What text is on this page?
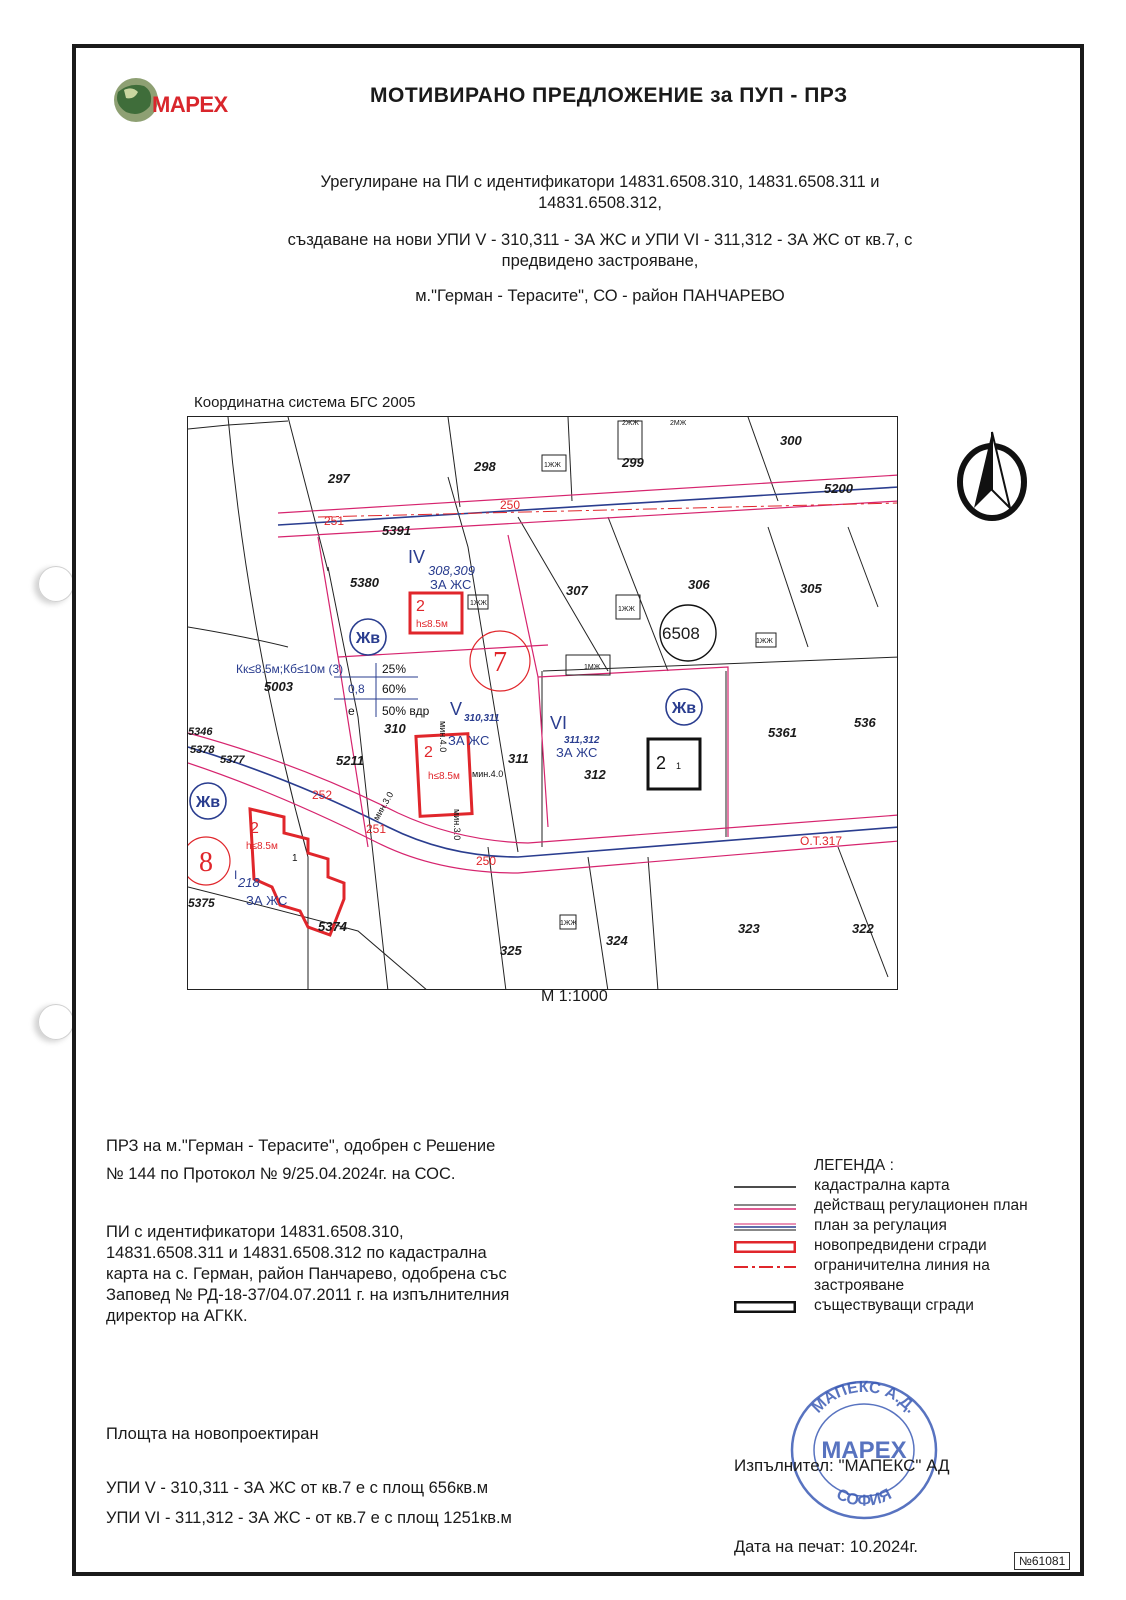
MAPEX	МОТИВИРАНО ПРЕДЛОЖЕНИЕ за ПУП - ПРЗ
Урегулиране на ПИ с идентификатори 14831.6508.310, 14831.6508.311 и
14831.6508.312,
създаване на нови УПИ V - 310,311 - ЗА ЖС и УПИ VI - 311,312 - ЗА ЖС от кв.7, с
предвидено застрояване,
м."Герман - Терасите", СО - район ПАНЧАРЕВО
Координатна система БГС 2005
297
298	299
300
5200
5391
5380
307	306	305
6508
5003
310
311
312
5361
536
5346
5378
5377	5211
218
5375
5374
325
324
323	322
IV
308,309
ЗА ЖС
V 310,311
ЗА ЖС
VI
311,312
ЗА ЖС
I
ЗА ЖС
Жв
Жв
Жв
7
8
2
h≤8.5м
2
h≤8.5м
2
h≤8.5м
1
2 1
Кк≤8.5м;Кб≤10м (3)	25%
0,8 60%
е 50% вдр
мин.4.0
мин.4.0
мин.3.0
мин.3.0
251
250
252
251
250
О.Т.317
2ЖЖ	2МЖ
1ЖЖ
1ЖЖ
1МЖ
1ЖЖ
1ЖЖ
1ЖЖ
М 1:1000
ПРЗ на м."Герман - Терасите", одобрен с Решение
№ 144 по Протокол № 9/25.04.2024г. на СОС.
ПИ с идентификатори 14831.6508.310,
14831.6508.311 и 14831.6508.312 по кадастрална
карта на с. Герман, район Панчарево, одобрена със
Заповед № РД-18-37/04.07.2011 г. на изпълнителния
директор на АГКК.
Площта на новопроектиран
УПИ V - 310,311 - ЗА ЖС от кв.7 е с площ 656кв.м
УПИ VI - 311,312 - ЗА ЖС - от кв.7 е с площ 1251кв.м
ЛЕГЕНДА :
кадастрална карта
действащ регулационен план
план за регулация
новопредвидени сгради
ограничителна линия на
застрояване
съществуващи сгради
МАПЕКС А.Д.
MAPEX
СОФИЯ
Изпълнител: "МАПЕКС" АД
Дата на печат: 10.2024г.
№61081
